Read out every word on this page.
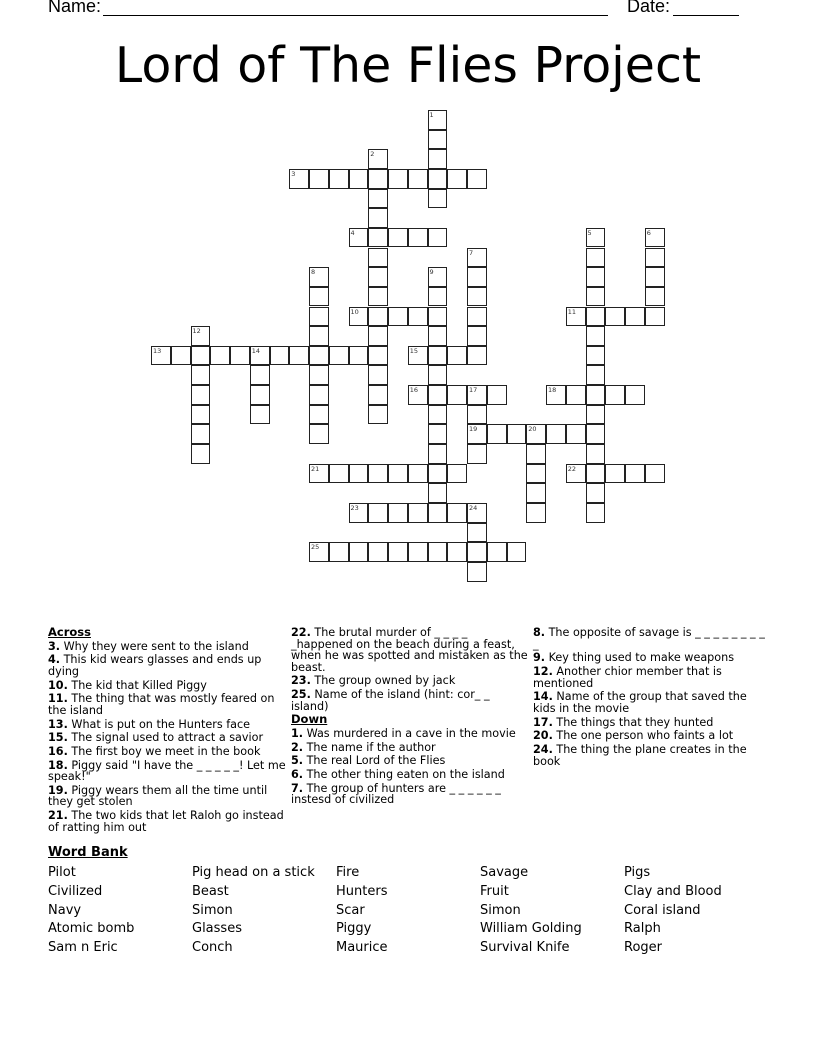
Name:	Date:
Lord of The Flies Project
1
2
3
4	5	6
7
8	9
10	11
12
13	14	15
16	17
19
18
20
21	22
23	24
25
Across
3. Why they were sent to the island
4. This kid wears glasses and ends up dying
10. The kid that Killed Piggy
11. The thing that was mostly feared on the island
13. What is put on the Hunters face
15. The signal used to attract a savior
16. The first boy we meet in the book
18. Piggy said "I have the _ _ _ _ _! Let me speak!"
19. Piggy wears them all the time until they get stolen
21. The two kids that let Raloh go instead of ratting him out
22. The brutal murder of _ _ _ _ _happened on the beach during a feast, when he was spotted and mistaken as the beast.
23. The group owned by jack
25. Name of the island (hint: cor_ _ island)
Down
1. Was murdered in a cave in the movie
2. The name if the author
5. The real Lord of the Flies
6. The other thing eaten on the island
7. The group of hunters are _ _ _ _ _ _ instesd of civilized
8. The opposite of savage is _ _ _ _ _ _ _ _ _
9. Key thing used to make weapons
12. Another chior member that is mentioned
14. Name of the group that saved the kids in the movie
17. The things that they hunted
20. The one person who faints a lot
24. The thing the plane creates in the book
Word Bank
Pilot
Civilized
Navy
Atomic bomb
Sam n Eric
Pig head on a stick
Beast
Simon
Glasses
Conch
Fire
Hunters
Scar
Piggy
Maurice
Savage
Fruit
Simon
William Golding
Survival Knife
Pigs
Clay and Blood
Coral island
Ralph
Roger
